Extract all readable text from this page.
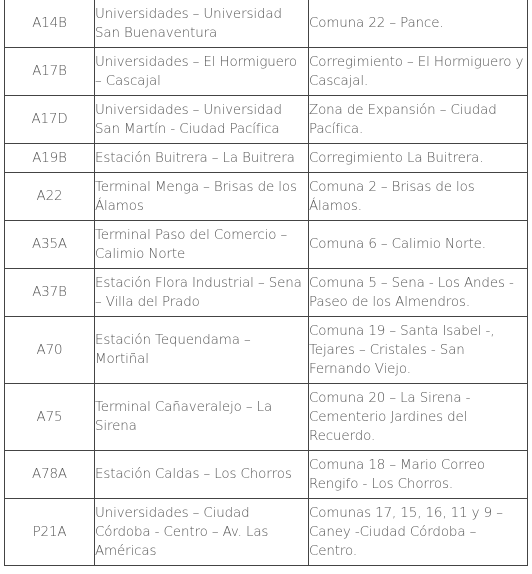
A14B	Universidades – Universidad San Buenaventura	Comuna 22 – Pance.
A17B	Universidades – El Hormiguero – Cascajal	Corregimiento – El Hormiguero y Cascajal.
A17D	Universidades – Universidad San Martín - Ciudad Pacífica	Zona de Expansión – Ciudad Pacífica.
A19B	Estación Buitrera – La Buitrera	Corregimiento La Buitrera.
A22	Terminal Menga – Brisas de los Álamos	Comuna 2 – Brisas de los Álamos.
A35A	Terminal Paso del Comercio – Calimio Norte	Comuna 6 – Calimio Norte.
A37B	Estación Flora Industrial – Sena – Villa del Prado	Comuna 5 – Sena - Los Andes - Paseo de los Almendros.
A70	Estación Tequendama – Mortiñal	Comuna 19 – Santa Isabel -, Tejares – Cristales - San Fernando Viejo.
A75	Terminal Cañaveralejo – La Sirena	Comuna 20 – La Sirena - Cementerio Jardines del Recuerdo.
A78A	Estación Caldas – Los Chorros	Comuna 18 – Mario Correo Rengifo - Los Chorros.
P21A	Universidades – Ciudad Córdoba - Centro – Av. Las Américas	Comunas 17, 15, 16, 11 y 9 – Caney -Ciudad Córdoba – Centro.
